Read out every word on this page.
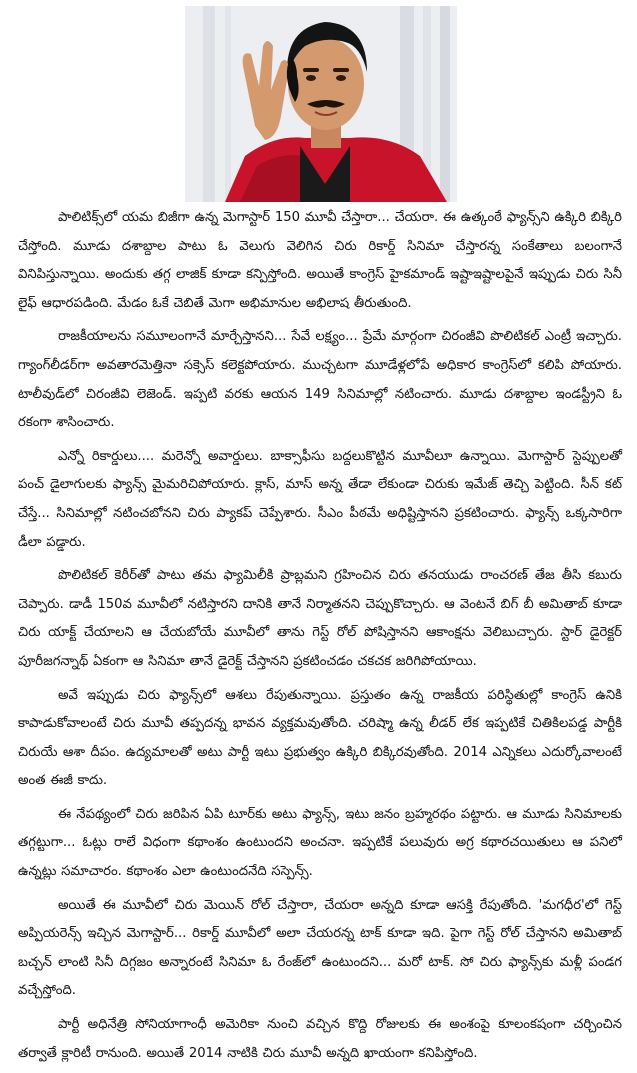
పాలిటిక్స్‌లో యమ బిజీగా ఉన్న మెగాస్టార్ 150 మూవీ చేస్తారా... చేయరా. ఈ ఉత్కంఠే ఫ్యాన్స్‌ని ఉక్కిరి బిక్కిరి చేస్తోంది. మూడు దశాబ్దాల పాటు ఓ వెలుగు వెలిగిన చిరు రికార్డ్ సినిమా చేస్తారన్న సంకేతాలు బలంగానే వినిపిస్తున్నాయి. అందుకు తగ్గ లాజిక్ కూడా కన్పిస్తోంది. అయితే కాంగ్రెస్ హైకమాండ్ ఇష్టాఇష్టాలపైనే ఇప్పుడు చిరు సినీ లైఫ్ ఆధారపడింది. మేడం ఓకే చెబితే మెగా అభిమానుల అభిలాష తీరుతుంది.

రాజకీయాలను సమూలంగానే మార్చేస్తానని... సేవే లక్ష్యం... ప్రేమే మార్గంగా చిరంజీవి పొలిటికల్ ఎంట్రీ ఇచ్చారు. గ్యాంగ్‌లీడర్‌గా అవతారమెత్తినా సక్సెస్ కలెక్టపోయారు. ముచ్చటగా మూడేళ్లలోపే అధికార కాంగ్రెస్‌లో కలిపి పోయారు. టాలీవుడ్‌లో చిరంజీవి లెజెండ్. ఇప్పటి వరకు ఆయన 149 సినిమాల్లో నటించారు. మూడు దశాబ్దాల ఇండస్ట్రీని ఓ రకంగా శాసించారు.

ఎన్నో రికార్డులు.... మరెన్నో అవార్డులు. బాక్సాఫీసు బద్దలుకొట్టిన మూవీలూ ఉన్నాయి. మెగాస్టార్ స్టెప్పులతో పంచ్ డైలాగులకు ఫ్యాన్స్ మైమరిచిపోయారు. క్లాస్, మాస్ అన్న తేడా లేకుండా చిరుకు ఇమేజ్ తెచ్చి పెట్టింది. సీన్ కట్ చేస్తే... సినిమాల్లో నటించబోనని చిరు ప్యాకప్ చెప్పేశారు. సీఎం పీఠమే అధిష్టిస్తానని ప్రకటించారు. ఫ్యాన్స్ ఒక్కసారిగా డీలా పడ్డారు.

పొలిటికల్ కెరీర్‌తో పాటు తమ ఫ్యామిలీకి ప్రాబ్లమని గ్రహించిన చిరు తనయుడు రాంచరణ్ తేజ తీసి కబురు చెప్పారు. డాడీ 150వ మూవీలో నటిస్తారని దానికి తానే నిర్మాతనని చెప్పుకొచ్చారు. ఆ వెంటనే బిగ్ బీ అమితాబ్ కూడా చిరు యాక్ట్ చేయాలని ఆ చేయబోయే మూవీలో తాను గెస్ట్ రోల్ పోషిస్తానని ఆకాంక్షను వెలిబుచ్చారు. స్టార్ డైరెక్టర్ పూరీజగన్నాథ్ ఏకంగా ఆ సినిమా తానే డైరెక్ట్ చేస్తానని ప్రకటించడం చకచక జరిగిపోయాయి.

అవే ఇప్పుడు చిరు ఫ్యాన్స్‌లో ఆశలు రేపుతున్నాయి. ప్రస్తుతం ఉన్న రాజకీయ పరిస్థితుల్లో కాంగ్రెస్ ఉనికి కాపాడుకోవాలంటే చిరు మూవీ తప్పదన్న భావన వ్యక్తమవుతోంది. చరిష్మా ఉన్న లీడర్ లేక ఇప్పటికే చితికిలపడ్డ పార్టీకి చిరుయే ఆశా దీపం. ఉద్యమాలతో అటు పార్టీ ఇటు ప్రభుత్వం ఉక్కిరి బిక్కిరవుతోంది. 2014 ఎన్నికలు ఎదుర్కోవాలంటే అంత ఈజీ కాదు.

ఈ నేపథ్యంలో చిరు జరిపిన ఏపి టూర్‌కు అటు ఫ్యాన్స్, ఇటు జనం బ్రహ్మరథం పట్టారు. ఆ మూడు సినిమాలకు తగ్గట్టుగా... ఓట్లు రాలే విధంగా కథాంశం ఉంటుందని అంచనా. ఇప్పటికే పలువురు అగ్ర కథారచయితులు ఆ పనిలో ఉన్నట్లు సమాచారం. కథాంశం ఎలా ఉంటుందనేది సస్పెన్స్.

అయితే ఈ మూవీలో చిరు మెయిన్ రోల్ చేస్తారా, చేయరా అన్నది కూడా ఆసక్తి రేపుతోంది. 'మగధీర‌'లో గెస్ట్ అప్పియరెన్స్ ఇచ్చిన మెగాస్టార్... రికార్డ్ మూవీలో అలా చేయరన్న టాక్ కూడా ఇది. పైగా గెస్ట్ రోల్ చేస్తానని అమితాబ్ బచ్చన్ లాంటి సినీ దిగ్గజం అన్నారంటే సినిమా ఓ రేంజ్‌లో ఉంటుందని... మరో టాక్. సో చిరు ఫ్యాన్స్‌కు మళ్లీ పండగ వచ్చేస్తోంది.

పార్టీ అధినేత్రి సోనియాగాంధీ అమెరికా నుంచి వచ్చిన కొద్ది రోజులకు ఈ అంశంపై కూలంకషంగా చర్చించిన తర్వాతే క్లారిటీ రానుంది. అయితే 2014 నాటికి చిరు మూవీ అన్నది ఖాయంగా కనిపిస్తోంది.
